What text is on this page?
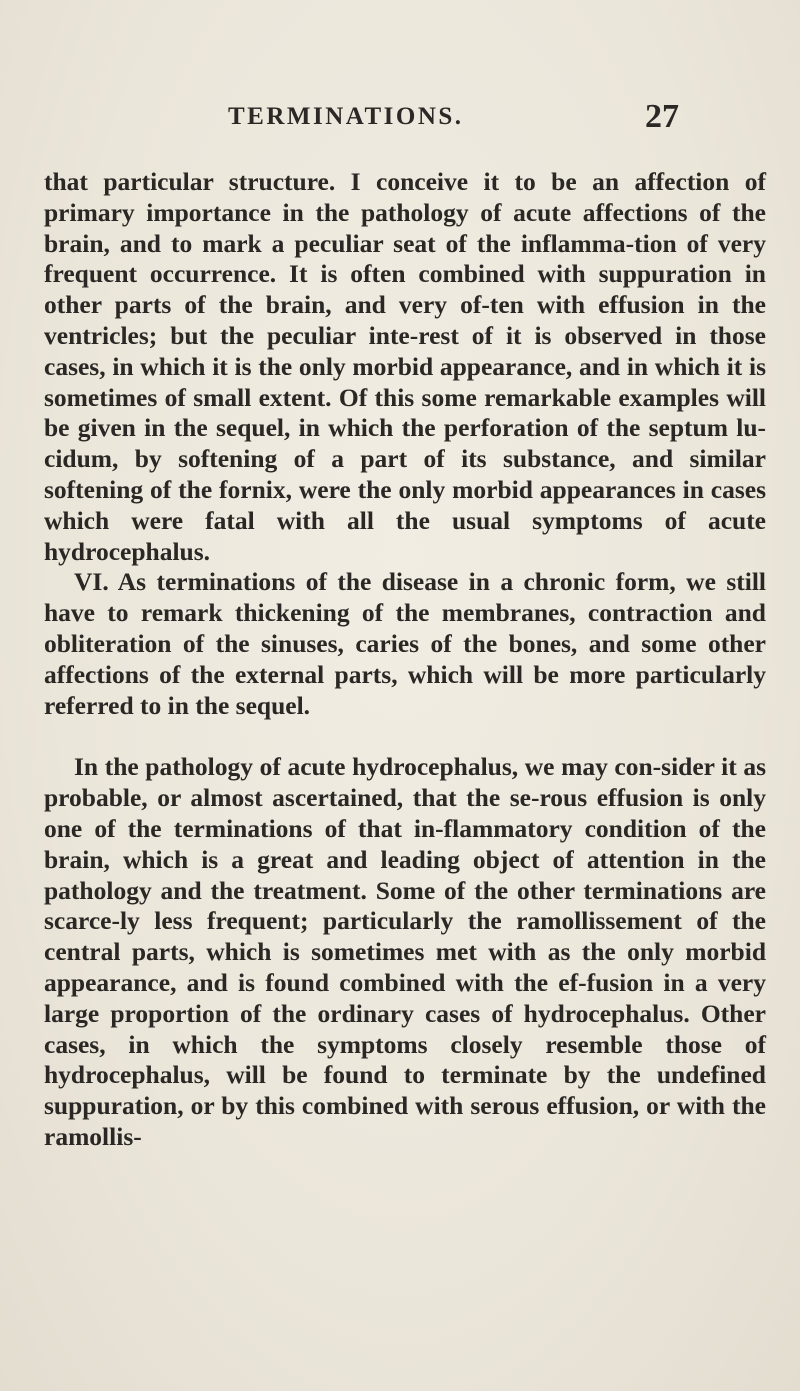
TERMINATIONS.	27

that particular structure. I conceive it to be an affection of primary importance in the pathology of acute affections of the brain, and to mark a peculiar seat of the inflamma-tion of very frequent occurrence. It is often combined with suppuration in other parts of the brain, and very of-ten with effusion in the ventricles; but the peculiar inte-rest of it is observed in those cases, in which it is the only morbid appearance, and in which it is sometimes of small extent. Of this some remarkable examples will be given in the sequel, in which the perforation of the septum lu-cidum, by softening of a part of its substance, and similar softening of the fornix, were the only morbid appearances in cases which were fatal with all the usual symptoms of acute hydrocephalus.

VI. As terminations of the disease in a chronic form, we still have to remark thickening of the membranes, contraction and obliteration of the sinuses, caries of the bones, and some other affections of the external parts, which will be more particularly referred to in the sequel.

In the pathology of acute hydrocephalus, we may con-sider it as probable, or almost ascertained, that the se-rous effusion is only one of the terminations of that in-flammatory condition of the brain, which is a great and leading object of attention in the pathology and the treatment. Some of the other terminations are scarce-ly less frequent; particularly the ramollissement of the central parts, which is sometimes met with as the only morbid appearance, and is found combined with the ef-fusion in a very large proportion of the ordinary cases of hydrocephalus. Other cases, in which the symptoms closely resemble those of hydrocephalus, will be found to terminate by the undefined suppuration, or by this combined with serous effusion, or with the ramollis-
